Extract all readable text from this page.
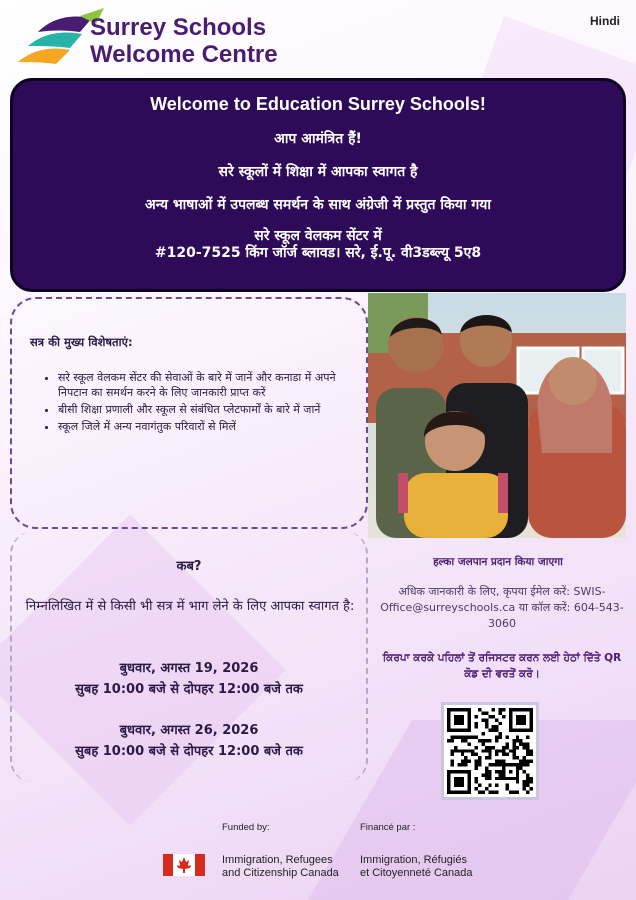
Surrey Schools
Welcome Centre
Hindi
Welcome to Education Surrey Schools!
आप आमंत्रित हैं!
सरे स्कूलों में शिक्षा में आपका स्वागत है
अन्य भाषाओं में उपलब्ध समर्थन के साथ अंग्रेजी में प्रस्तुत किया गया
सरे स्कूल वेलकम सेंटर में
#120-7525 किंग जॉर्ज ब्लावड। सरे, ई.पू. वी3डब्ल्यू 5ए8
सत्र की मुख्य विशेषताएं:
• सरे स्कूल वेलकम सेंटर की सेवाओं के बारे में जानें और कनाडा में अपने निपटान का समर्थन करने के लिए जानकारी प्राप्त करें
• बीसी शिक्षा प्रणाली और स्कूल से संबंधित प्लेटफार्मों के बारे में जानें
• स्कूल जिले में अन्य नवागंतुक परिवारों से मिलें
कब?
निम्नलिखित में से किसी भी सत्र में भाग लेने के लिए आपका स्वागत है:
बुधवार, अगस्त 19, 2026
सुबह 10:00 बजे से दोपहर 12:00 बजे तक
बुधवार, अगस्त 26, 2026
सुबह 10:00 बजे से दोपहर 12:00 बजे तक
हल्का जलपान प्रदान किया जाएगा
अधिक जानकारी के लिए, कृपया ईमेल करें: SWIS-Office@surreyschools.ca या कॉल करें: 604-543-3060
ਕਿਰਪਾ ਕਰਕੇ ਪਹਿਲਾਂ ਤੋਂ ਰਜਿਸਟਰ ਕਰਨ ਲਈ ਹੇਠਾਂ ਦਿੱਤੇ QR ਕੋਡ ਦੀ ਵਰਤੋਂ ਕਰੋ।
Funded by:	Financé par :
Immigration, Refugees
and Citizenship Canada
Immigration, Réfugiés
et Citoyenneté Canada
